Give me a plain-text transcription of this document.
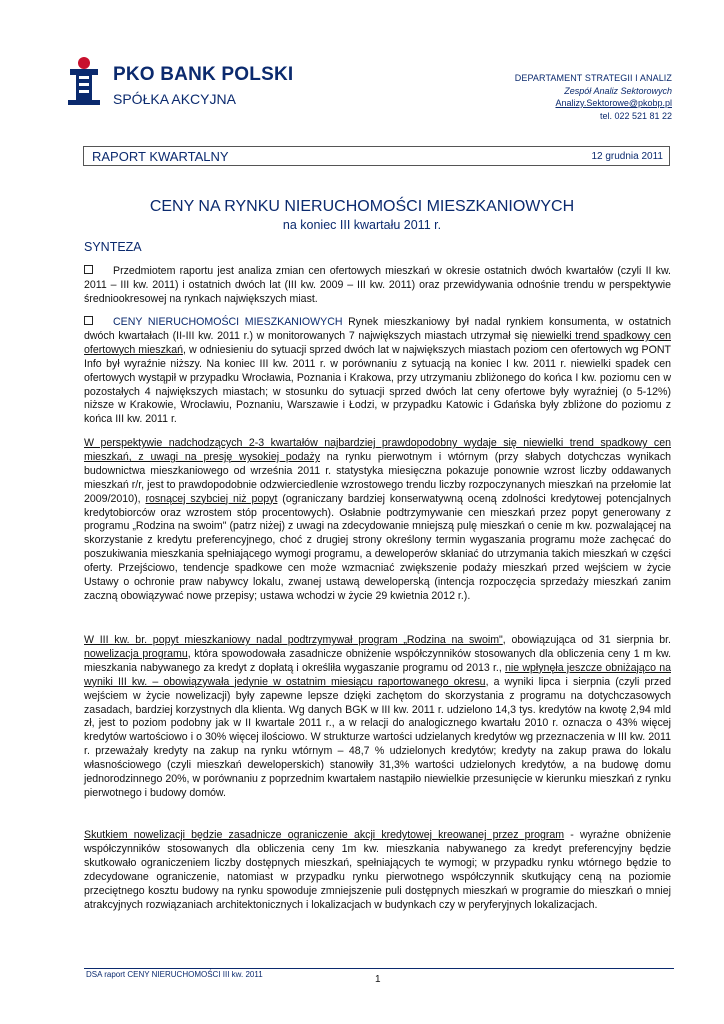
PKO BANK POLSKI
SPÓŁKA AKCYJNA
DEPARTAMENT STRATEGII I ANALIZ
Zespół Analiz Sektorowych
Analizy.Sektorowe@pkobp.pl
tel. 022 521 81 22
RAPORT KWARTALNY	12 grudnia 2011
CENY NA RYNKU NIERUCHOMOŚCI MIESZKANIOWYCH
na koniec III kwartału 2011 r.
SYNTEZA
Przedmiotem raportu jest analiza zmian cen ofertowych mieszkań w okresie ostatnich dwóch kwartałów (czyli II kw. 2011 – III kw. 2011) i ostatnich dwóch lat (III kw. 2009 – III kw. 2011) oraz przewidywania odnośnie trendu w perspektywie średniookresowej na rynkach największych miast.
CENY NIERUCHOMOŚCI MIESZKANIOWYCH Rynek mieszkaniowy był nadal rynkiem konsumenta, w ostatnich dwóch kwartałach (II-III kw. 2011 r.) w monitorowanych 7 największych miastach utrzymał się niewielki trend spadkowy cen ofertowych mieszkań, w odniesieniu do sytuacji sprzed dwóch lat w największych miastach poziom cen ofertowych wg PONT Info był wyraźnie niższy. Na koniec III kw. 2011 r. w porównaniu z sytuacją na koniec I kw. 2011 r. niewielki spadek cen ofertowych wystąpił w przypadku Wrocławia, Poznania i Krakowa, przy utrzymaniu zbliżonego do końca I kw. poziomu cen w pozostałych 4 największych miastach; w stosunku do sytuacji sprzed dwóch lat ceny ofertowe były wyraźniej (o 5-12%) niższe w Krakowie, Wrocławiu, Poznaniu, Warszawie i Łodzi, w przypadku Katowic i Gdańska były zbliżone do poziomu z końca III kw. 2011 r.
W perspektywie nadchodzących 2-3 kwartałów najbardziej prawdopodobny wydaje się niewielki trend spadkowy cen mieszkań, z uwagi na presję wysokiej podaży na rynku pierwotnym i wtórnym (przy słabych dotychczas wynikach budownictwa mieszkaniowego od września 2011 r. statystyka miesięczna pokazuje ponownie wzrost liczby oddawanych mieszkań r/r, jest to prawdopodobnie odzwierciedlenie wzrostowego trendu liczby rozpoczynanych mieszkań na przełomie lat 2009/2010), rosnącej szybciej niż popyt (ograniczany bardziej konserwatywną oceną zdolności kredytowej potencjalnych kredytobiorców oraz wzrostem stóp procentowych). Osłabnie podtrzymywanie cen mieszkań przez popyt generowany z programu „Rodzina na swoim" (patrz niżej) z uwagi na zdecydowanie mniejszą pulę mieszkań o cenie m kw. pozwalającej na skorzystanie z kredytu preferencyjnego, choć z drugiej strony określony termin wygaszania programu może zachęcać do poszukiwania mieszkania spełniającego wymogi programu, a deweloperów skłaniać do utrzymania takich mieszkań w części oferty. Przejściowo, tendencje spadkowe cen może wzmacniać zwiększenie podaży mieszkań przed wejściem w życie Ustawy o ochronie praw nabywcy lokalu, zwanej ustawą deweloperską (intencja rozpoczęcia sprzedaży mieszkań zanim zaczną obowiązywać nowe przepisy; ustawa wchodzi w życie 29 kwietnia 2012 r.).
W III kw. br. popyt mieszkaniowy nadal podtrzymywał program „Rodzina na swoim", obowiązująca od 31 sierpnia br. nowelizacja programu, która spowodowała zasadnicze obniżenie współczynników stosowanych dla obliczenia ceny 1 m kw. mieszkania nabywanego za kredyt z dopłatą i określiła wygaszanie programu od 2013 r., nie wpłynęła jeszcze obniżająco na wyniki III kw. – obowiązywała jedynie w ostatnim miesiącu raportowanego okresu, a wyniki lipca i sierpnia (czyli przed wejściem w życie nowelizacji) były zapewne lepsze dzięki zachętom do skorzystania z programu na dotychczasowych zasadach, bardziej korzystnych dla klienta. Wg danych BGK w III kw. 2011 r. udzielono 14,3 tys. kredytów na kwotę 2,94 mld zł, jest to poziom podobny jak w II kwartale 2011 r., a w relacji do analogicznego kwartału 2010 r. oznacza o 43% więcej kredytów wartościowo i o 30% więcej ilościowo. W strukturze wartości udzielanych kredytów wg przeznaczenia w III kw. 2011 r. przeważały kredyty na zakup na rynku wtórnym – 48,7 % udzielonych kredytów; kredyty na zakup prawa do lokalu własnościowego (czyli mieszkań deweloperskich) stanowiły 31,3% wartości udzielonych kredytów, a na budowę domu jednorodzinnego 20%, w porównaniu z poprzednim kwartałem nastąpiło niewielkie przesunięcie w kierunku mieszkań z rynku pierwotnego i budowy domów.
Skutkiem nowelizacji będzie zasadnicze ograniczenie akcji kredytowej kreowanej przez program - wyraźne obniżenie współczynników stosowanych dla obliczenia ceny 1m kw. mieszkania nabywanego za kredyt preferencyjny będzie skutkowało ograniczeniem liczby dostępnych mieszkań, spełniających te wymogi; w przypadku rynku wtórnego będzie to zdecydowane ograniczenie, natomiast w przypadku rynku pierwotnego współczynnik skutkujący ceną na poziomie przeciętnego kosztu budowy na rynku spowoduje zmniejszenie puli dostępnych mieszkań w programie do mieszkań o mniej atrakcyjnych rozwiązaniach architektonicznych i lokalizacjach w budynkach czy w peryferyjnych lokalizacjach.
DSA raport CENY NIERUCHOMOŚCI III kw. 2011	1
